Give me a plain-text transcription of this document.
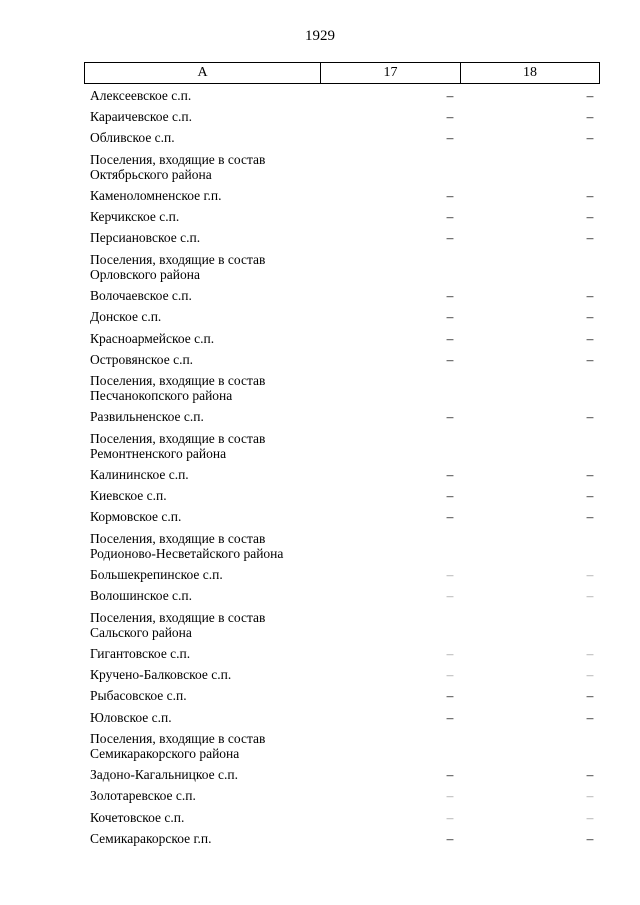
1929
А	17	18
Алексеевское с.п.	–	–
Караичевское с.п.	–	–
Обливское с.п.	–	–
Поселения, входящие в состав
Октябрьского района
Каменоломненское г.п.	–	–
Керчикское с.п.	–	–
Персиановское с.п.	–	–
Поселения, входящие в состав
Орловского района
Волочаевское с.п.	–	–
Донское с.п.	–	–
Красноармейское с.п.	–	–
Островянское с.п.	–	–
Поселения, входящие в состав
Песчанокопского района
Развильненское с.п.	–	–
Поселения, входящие в состав
Ремонтненского района
Калининское с.п.	–	–
Киевское с.п.	–	–
Кормовское с.п.	–	–
Поселения, входящие в состав
Родионово-Несветайского района
Большекрепинское с.п.	–	–
Волошинское с.п.	–	–
Поселения, входящие в состав
Сальского района
Гигантовское с.п.	–	–
Кручено-Балковское с.п.	–	–
Рыбасовское с.п.	–	–
Юловское с.п.	–	–
Поселения, входящие в состав
Семикаракорского района
Задоно-Кагальницкое с.п.	–	–
Золотаревское с.п.	–	–
Кочетовское с.п.	–	–
Семикаракорское г.п.	–	–
